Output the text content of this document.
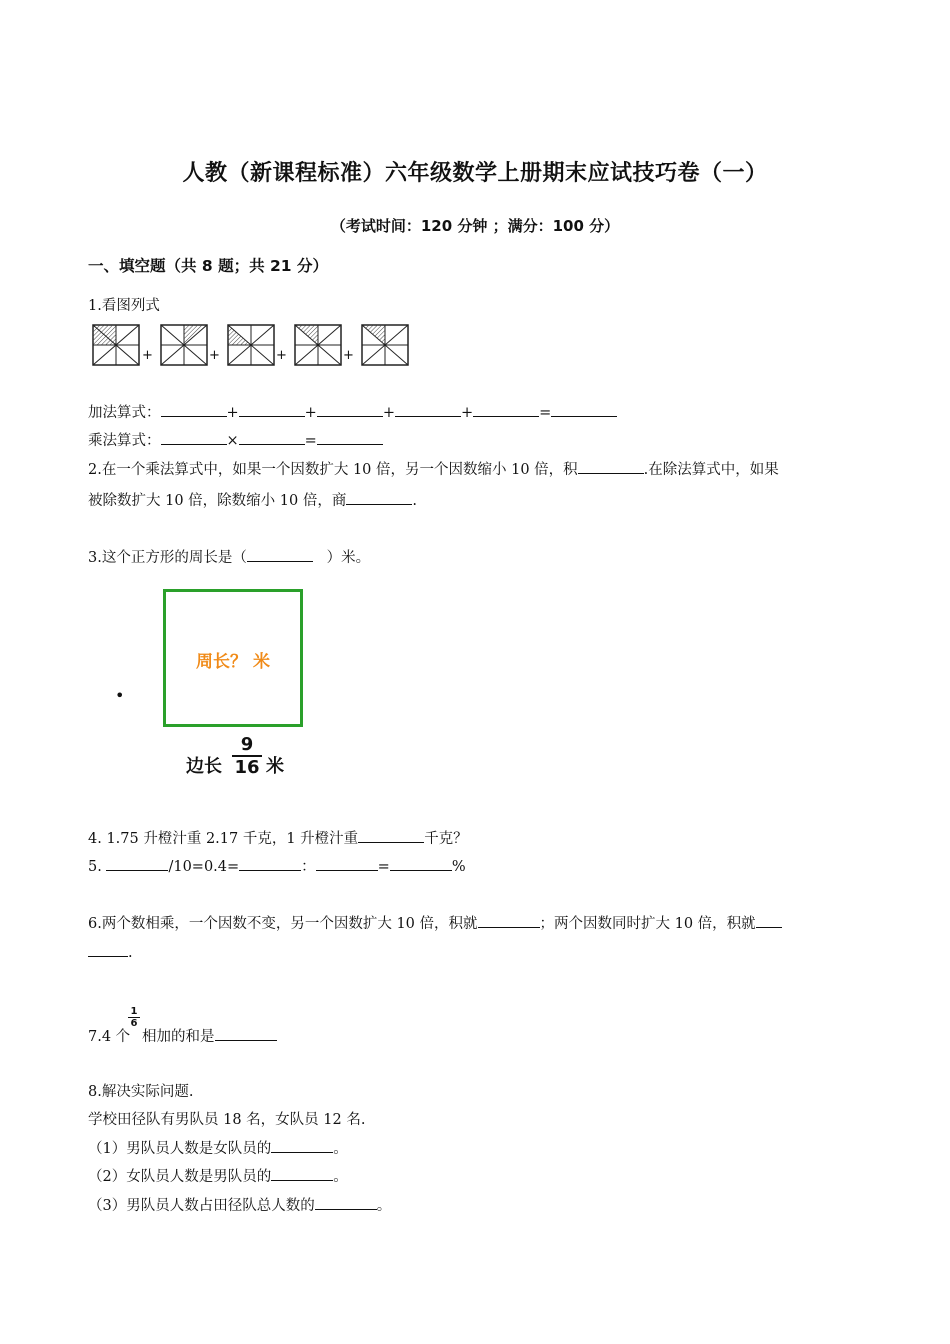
人教（新课程标准）六年级数学上册期末应试技巧卷（一）
（考试时间：120 分钟 ；满分：100 分）
一、填空题（共 8 题；共 21 分）
1.看图列式
+	+	+	+
加法算式：	+	+	+	+	=
乘法算式：	×	=
2.在一个乘法算式中，如果一个因数扩大 10 倍，另一个因数缩小 10 倍，积	.在除法算式中，如果
被除数扩大 10 倍，除数缩小 10 倍，商	.
3.这个正方形的周长是（	）米。
•
周长？ 米
边长
9
16 米
4. 1.75 升橙汁重 2.17 千克，1 升橙汁重	千克？
5.	/10=0.4=	：	=	%
6.两个数相乘，一个因数不变，另一个因数扩大 10 倍，积就	；两个因数同时扩大 10 倍，积就
.
7.4 个
1
6
相加的和是
8.解决实际问题.
学校田径队有男队员 18 名，女队员 12 名.
（1）男队员人数是女队员的	。
（2）女队员人数是男队员的	。
（3）男队员人数占田径队总人数的	。
